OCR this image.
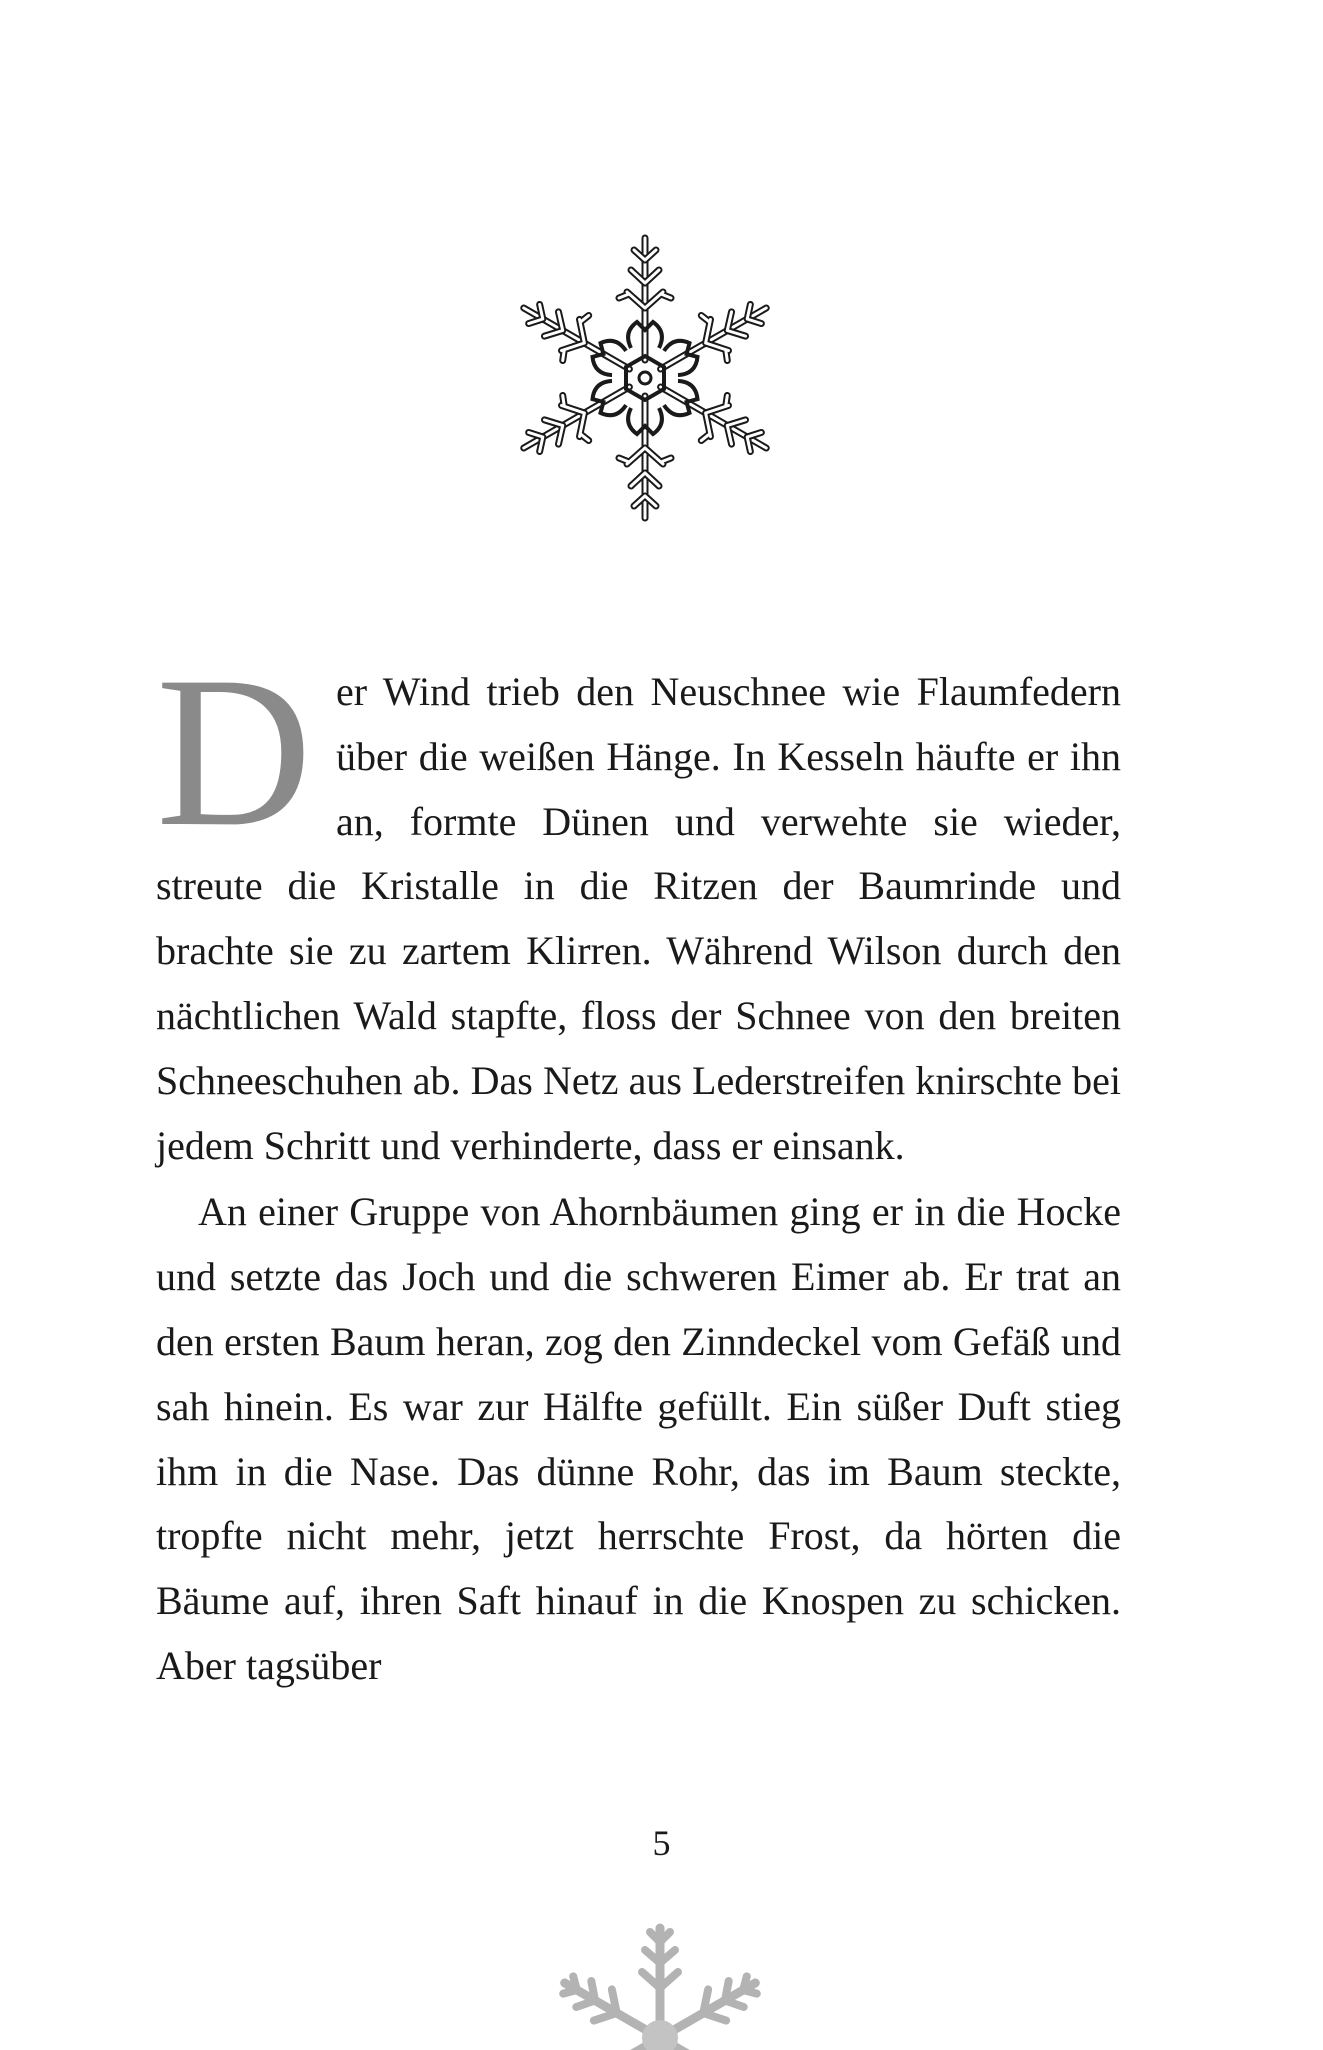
Der Wind trieb den Neuschnee wie Flaumfedern über die weißen Hänge. In Kesseln häufte er ihn an, formte Dünen und verwehte sie wieder, streute die Kristalle in die Ritzen der Baumrinde und brachte sie zu zartem Klirren. Während Wilson durch den nächtlichen Wald stapfte, floss der Schnee von den breiten Schneeschuhen ab. Das Netz aus Lederstreifen knirschte bei jedem Schritt und verhinderte, dass er einsank.

An einer Gruppe von Ahornbäumen ging er in die Hocke und setzte das Joch und die schweren Eimer ab. Er trat an den ersten Baum heran, zog den Zinndeckel vom Gefäß und sah hinein. Es war zur Hälfte gefüllt. Ein süßer Duft stieg ihm in die Nase. Das dünne Rohr, das im Baum steckte, tropfte nicht mehr, jetzt herrschte Frost, da hörten die Bäume auf, ihren Saft hinauf in die Knospen zu schicken. Aber tagsüber

5
